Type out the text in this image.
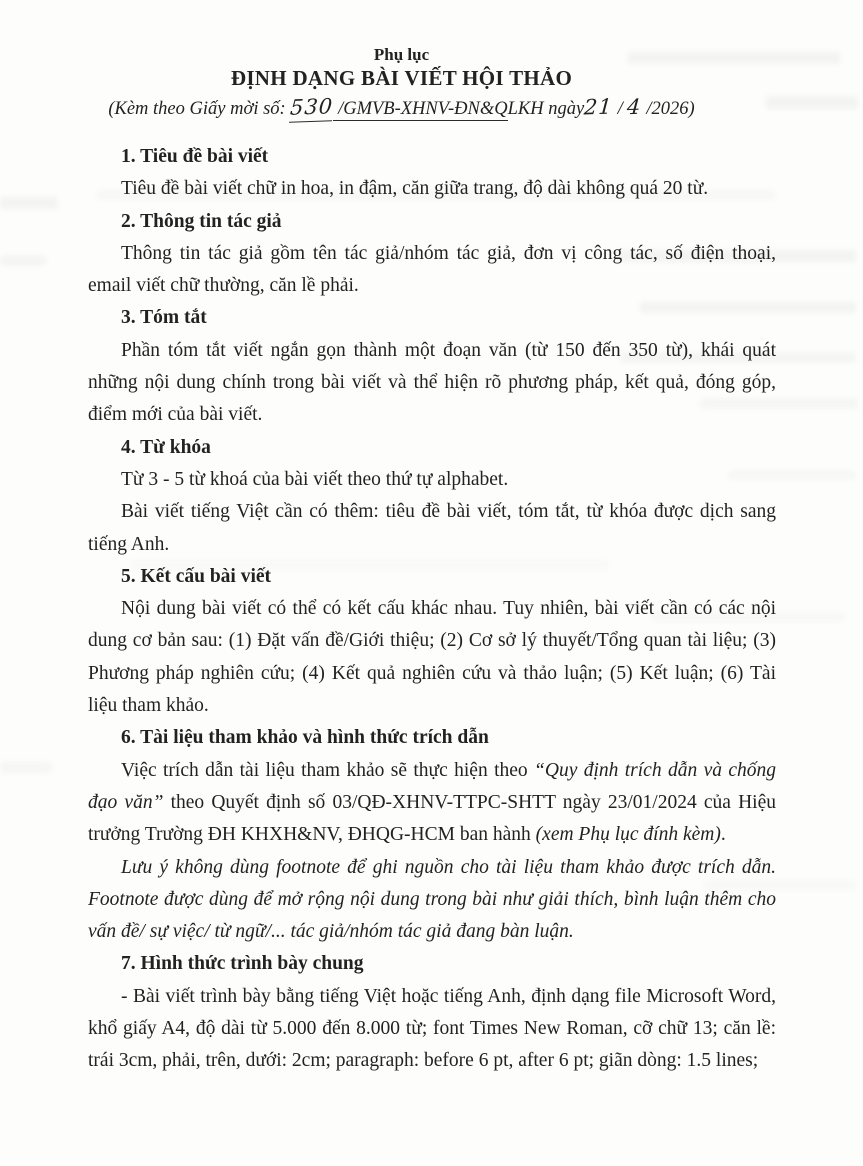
Phụ lục
ĐỊNH DẠNG BÀI VIẾT HỘI THẢO
(Kèm theo Giấy mời số: 530 /GMVB-XHNV-ĐN&QLKH ngày21 / 4 /2026)
1. Tiêu đề bài viết

Tiêu đề bài viết chữ in hoa, in đậm, căn giữa trang, độ dài không quá 20 từ.

2. Thông tin tác giả

Thông tin tác giả gồm tên tác giả/nhóm tác giả, đơn vị công tác, số điện thoại, email viết chữ thường, căn lề phải.

3. Tóm tắt

Phần tóm tắt viết ngắn gọn thành một đoạn văn (từ 150 đến 350 từ), khái quát những nội dung chính trong bài viết và thể hiện rõ phương pháp, kết quả, đóng góp, điểm mới của bài viết.

4. Từ khóa

Từ 3 - 5 từ khoá của bài viết theo thứ tự alphabet.

Bài viết tiếng Việt cần có thêm: tiêu đề bài viết, tóm tắt, từ khóa được dịch sang tiếng Anh.

5. Kết cấu bài viết

Nội dung bài viết có thể có kết cấu khác nhau. Tuy nhiên, bài viết cần có các nội dung cơ bản sau: (1) Đặt vấn đề/Giới thiệu; (2) Cơ sở lý thuyết/Tổng quan tài liệu; (3) Phương pháp nghiên cứu; (4) Kết quả nghiên cứu và thảo luận; (5) Kết luận; (6) Tài liệu tham khảo.

6. Tài liệu tham khảo và hình thức trích dẫn

Việc trích dẫn tài liệu tham khảo sẽ thực hiện theo “Quy định trích dẫn và chống đạo văn” theo Quyết định số 03/QĐ-XHNV-TTPC-SHTT ngày 23/01/2024 của Hiệu trưởng Trường ĐH KHXH&NV, ĐHQG-HCM ban hành (xem Phụ lục đính kèm).

Lưu ý không dùng footnote để ghi nguồn cho tài liệu tham khảo được trích dẫn. Footnote được dùng để mở rộng nội dung trong bài như giải thích, bình luận thêm cho vấn đề/ sự việc/ từ ngữ/... tác giả/nhóm tác giả đang bàn luận.

7. Hình thức trình bày chung

- Bài viết trình bày bằng tiếng Việt hoặc tiếng Anh, định dạng file Microsoft Word, khổ giấy A4, độ dài từ 5.000 đến 8.000 từ; font Times New Roman, cỡ chữ 13; căn lề: trái 3cm, phải, trên, dưới: 2cm; paragraph: before 6 pt, after 6 pt; giãn dòng: 1.5 lines;
